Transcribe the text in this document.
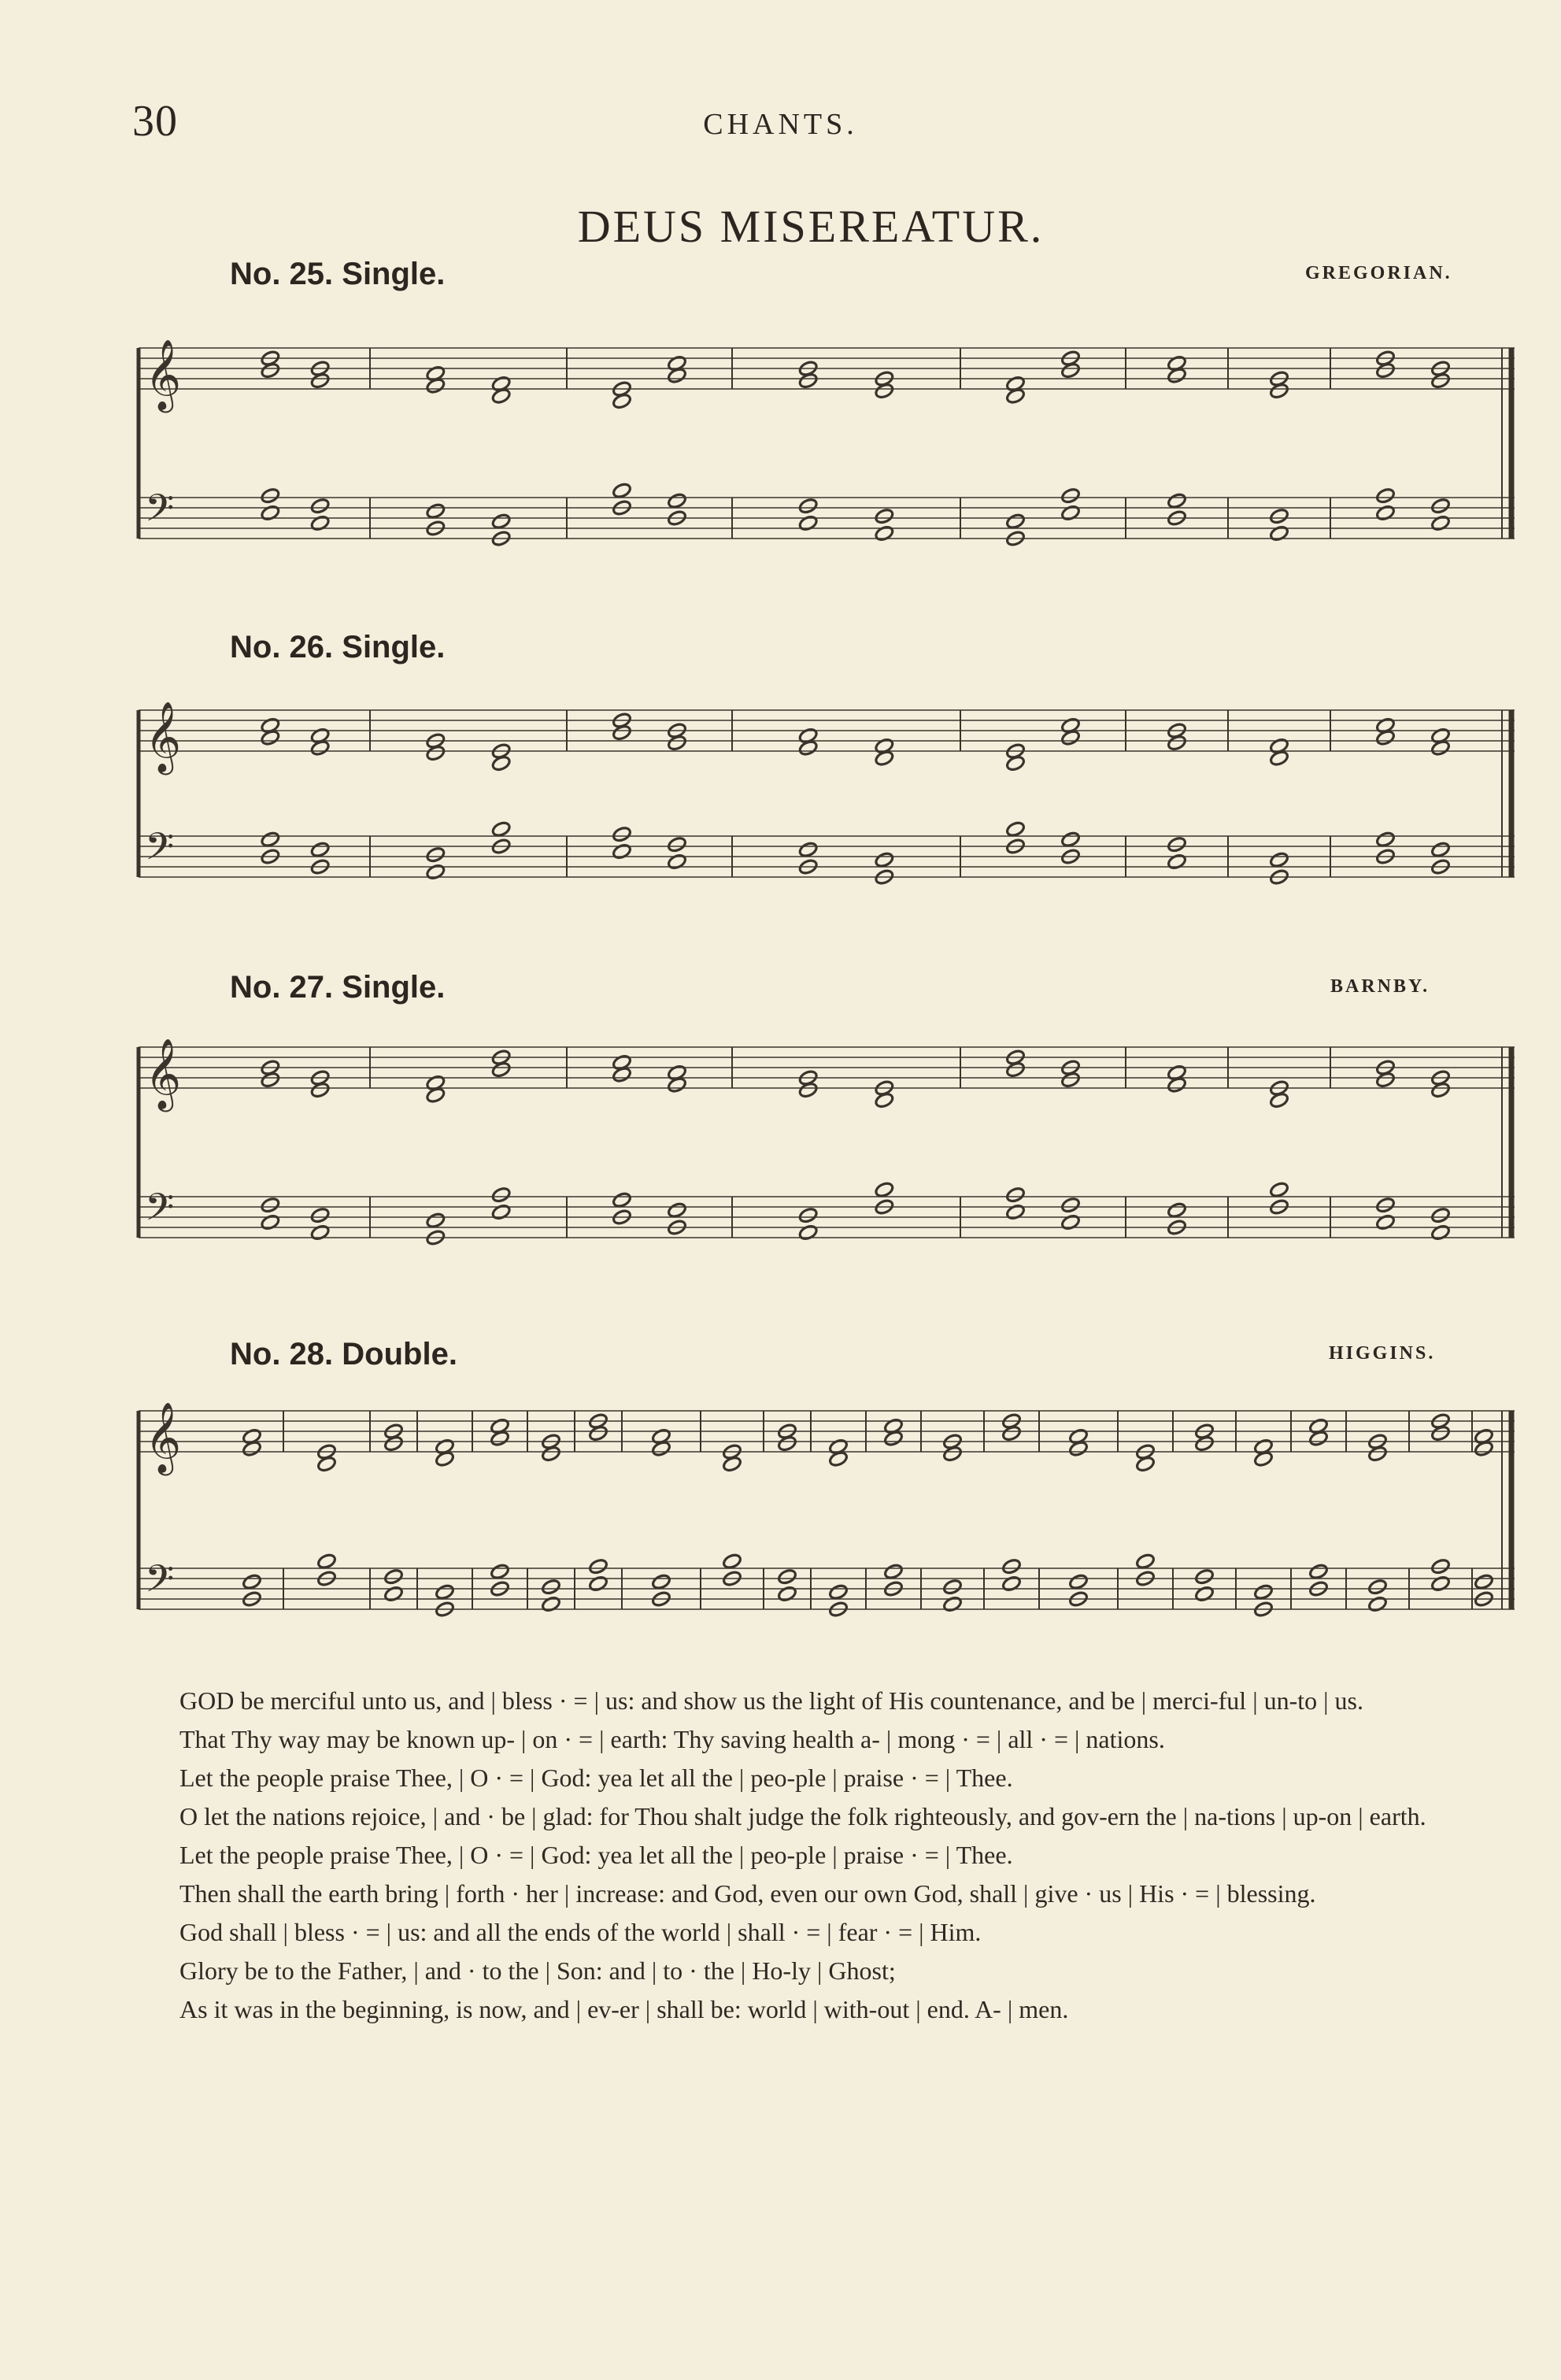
30	CHANTS.
DEUS MISEREATUR.
No. 25. Single.	GREGORIAN.
𝄞
𝄢
No. 26. Single.
𝄞
𝄢
No. 27. Single.	BARNBY.
𝄞
𝄢
No. 28. Double.	HIGGINS.
𝄞
𝄢

GOD be merciful unto us, and | bless · = | us: and show us the light of His countenance, and be | merci-ful | un-to | us.

That Thy way may be known up- | on · = | earth: Thy saving health a- | mong · = | all · = | nations.

Let the people praise Thee, | O · = | God: yea let all the | peo-ple | praise · = | Thee.

O let the nations rejoice, | and · be | glad: for Thou shalt judge the folk righteously, and gov-ern the | na-tions | up-on | earth.

Let the people praise Thee, | O · = | God: yea let all the | peo-ple | praise · = | Thee.

Then shall the earth bring | forth · her | increase: and God, even our own God, shall | give · us | His · = | blessing.

God shall | bless · = | us: and all the ends of the world | shall · = | fear · = | Him.

Glory be to the Father, | and · to the | Son: and | to · the | Ho-ly | Ghost;

As it was in the beginning, is now, and | ev-er | shall be: world | with-out | end. A- | men.
